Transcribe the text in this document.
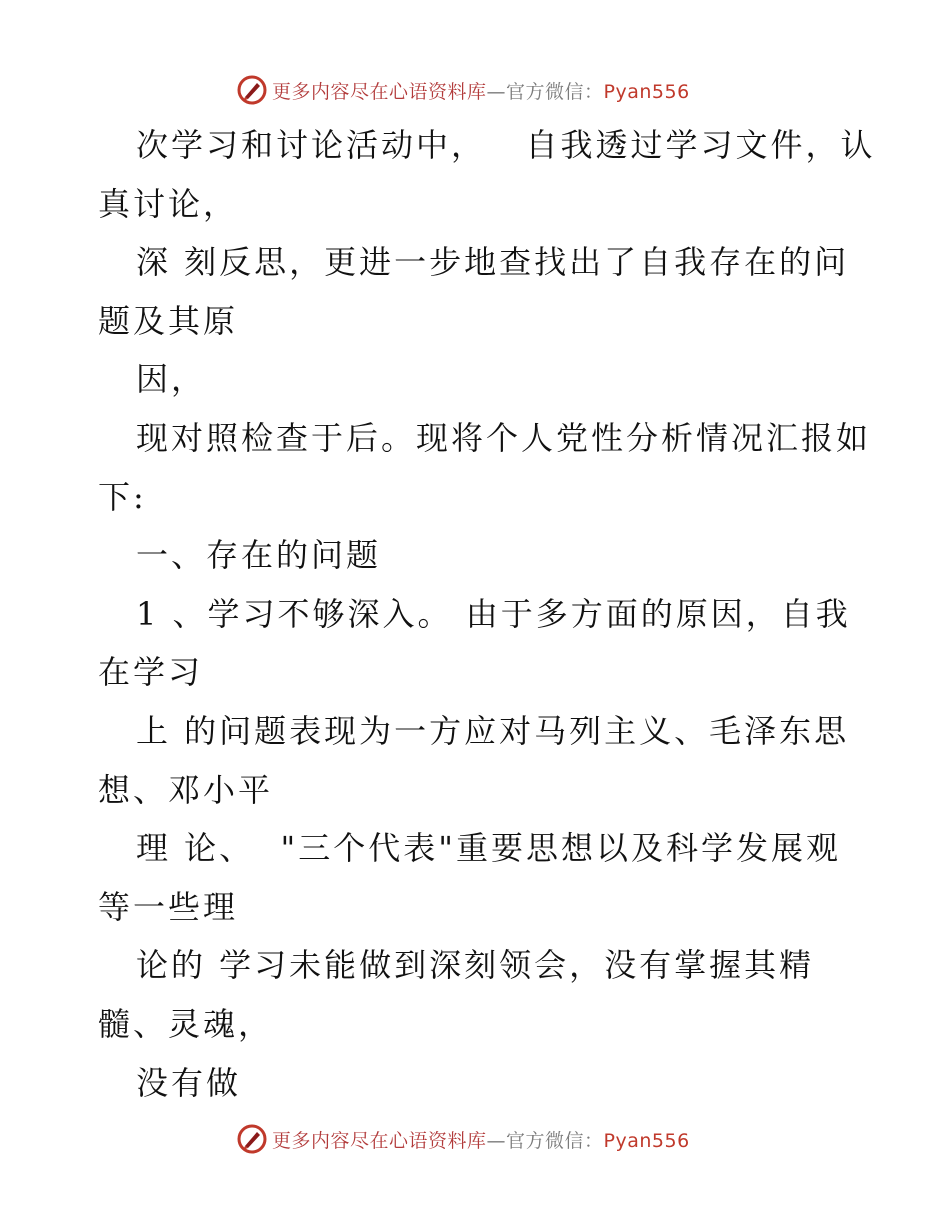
更多内容尽在心语资料库—官方微信：Pyan556
次学习和讨论活动中，   自我透过学习文件，认
真讨论，
深 刻反思，更进一步地查找出了自我存在的问
题及其原
因，
现对照检查于后。现将个人党性分析情况汇报如
下:
一、存在的问题
1 、学习不够深入。 由于多方面的原因，自我
在学习
上 的问题表现为一方应对马列主义、毛泽东思
想、邓小平
理 论、  "三个代表"重要思想以及科学发展观
等一些理
论的 学习未能做到深刻领会，没有掌握其精
髓、灵魂，
没有做
更多内容尽在心语资料库—官方微信：Pyan556
